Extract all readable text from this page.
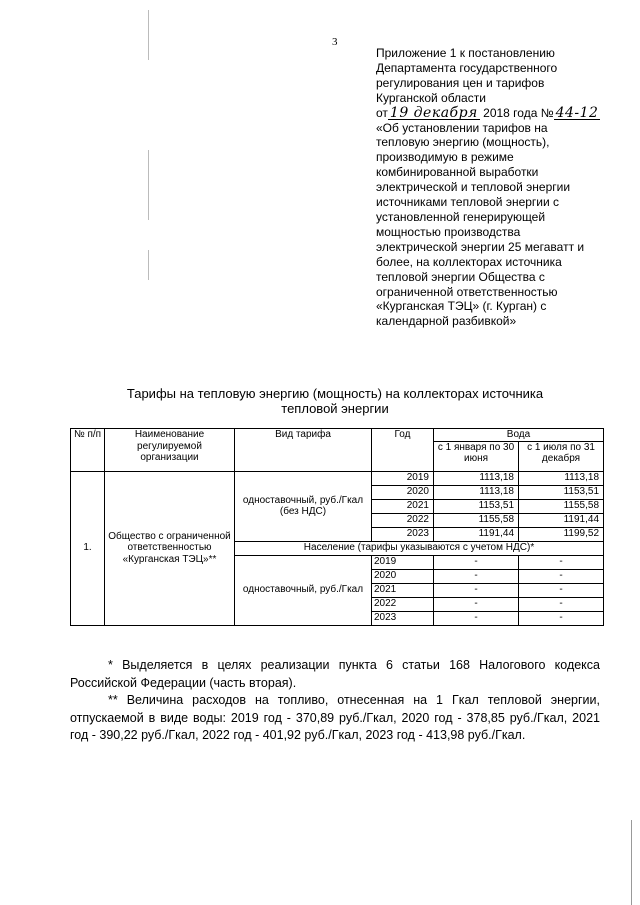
3
Приложение 1 к постановлению
Департамента государственного
регулирования цен и тарифов
Курганской области
от 19 декабря 2018 года № 44-12
«Об установлении тарифов на
тепловую энергию (мощность),
производимую в режиме
комбинированной выработки
электрической и тепловой энергии
источниками тепловой энергии с
установленной генерирующей
мощностью производства
электрической энергии 25 мегаватт и
более, на коллекторах источника
тепловой энергии Общества с
ограниченной ответственностью
«Курганская ТЭЦ» (г. Курган) с
календарной разбивкой»
Тарифы на тепловую энергию (мощность) на коллекторах источника
тепловой энергии
№ п/п	Наименование регулируемой организации	Вид тарифа	Год	Вода	
				с 1 января по 30 июня	с 1 июля по 31 декабря
1.	Общество с ограниченной ответственностью «Курганская ТЭЦ»**	одноставочный, руб./Гкал (без НДС)	2019	1113,18	1113,18
			2020	1113,18	1153,51
			2021	1153,51	1155,58
			2022	1155,58	1191,44
			2023	1191,44	1199,52
		Население (тарифы указываются с учетом НДС)*			
		одноставочный, руб./Гкал	2019	-	-
			2020	-	-
			2021	-	-
			2022	-	-
			2023	-	-

* Выделяется в целях реализации пункта 6 статьи 168 Налогового кодекса Российской Федерации (часть вторая).

** Величина расходов на топливо, отнесенная на 1 Гкал тепловой энергии, отпускаемой в виде воды: 2019 год - 370,89 руб./Гкал, 2020 год - 378,85 руб./Гкал, 2021 год - 390,22 руб./Гкал, 2022 год - 401,92 руб./Гкал, 2023 год - 413,98 руб./Гкал.
